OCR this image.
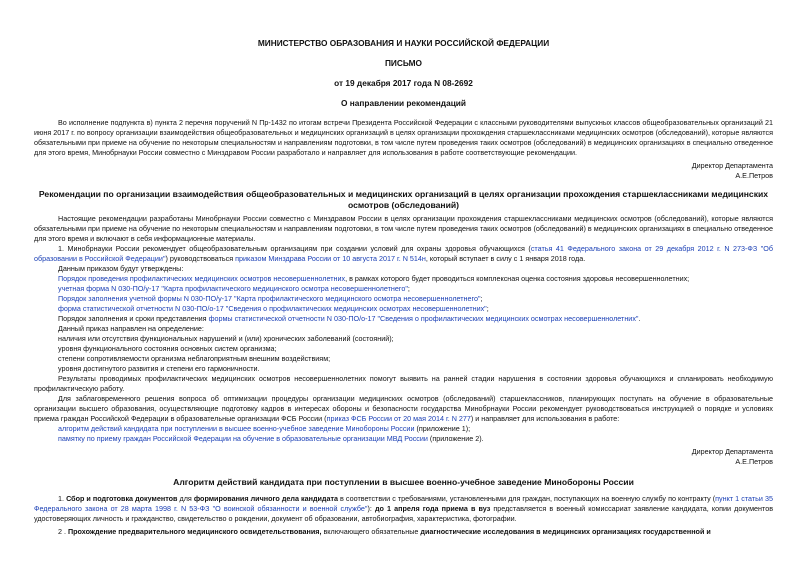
МИНИСТЕРСТВО ОБРАЗОВАНИЯ И НАУКИ РОССИЙСКОЙ ФЕДЕРАЦИИ
ПИСЬМО
от 19 декабря 2017 года N 08-2692
О направлении рекомендаций

Во исполнение подпункта в) пункта 2 перечня поручений N Пр-1432 по итогам встречи Президента Российской Федерации с классными руководителями выпускных классов общеобразовательных организаций 21 июня 2017 г. по вопросу организации взаимодействия общеобразовательных и медицинских организаций в целях организации прохождения старшеклассниками медицинских осмотров (обследований), которые являются обязательными при приеме на обучение по некоторым специальностям и направлениям подготовки, в том числе путем проведения таких осмотров (обследований) в медицинских организациях в специально отведенное для этого время, Минобрнауки России совместно с Минздравом России разработало и направляет для использования в работе соответствующие рекомендации.

Директор Департамента

А.Е.Петров

Рекомендации по организации взаимодействия общеобразовательных и медицинских организаций в целях организации прохождения старшеклассниками медицинских осмотров (обследований)

Настоящие рекомендации разработаны Минобрнауки России совместно с Минздравом России в целях организации прохождения старшеклассниками медицинских осмотров (обследований), которые являются обязательными при приеме на обучение по некоторым специальностям и направлениям подготовки, в том числе путем проведения таких осмотров (обследований) в медицинских организациях в специально отведенное для этого время и включают в себя информационные материалы.

1. Минобрнауки России рекомендует общеобразовательным организациям при создании условий для охраны здоровья обучающихся (статья 41 Федерального закона от 29 декабря 2012 г. N 273-ФЗ "Об образовании в Российской Федерации") руководствоваться приказом Минздрава России от 10 августа 2017 г. N 514н, который вступает в силу с 1 января 2018 года.

Данным приказом будут утверждены:

Порядок проведения профилактических медицинских осмотров несовершеннолетних, в рамках которого будет проводиться комплексная оценка состояния здоровья несовершеннолетних;

учетная форма N 030-ПО/у-17 "Карта профилактического медицинского осмотра несовершеннолетнего";

Порядок заполнения учетной формы N 030-ПО/у-17 "Карта профилактического медицинского осмотра несовершеннолетнего";

форма статистической отчетности N 030-ПО/о-17 "Сведения о профилактических медицинских осмотрах несовершеннолетних";

Порядок заполнения и сроки представления формы статистической отчетности N 030-ПО/о-17 "Сведения о профилактических медицинских осмотрах несовершеннолетних".

Данный приказ направлен на определение:

наличия или отсутствия функциональных нарушений и (или) хронических заболеваний (состояний);

уровня функционального состояния основных систем организма;

степени сопротивляемости организма неблагоприятным внешним воздействиям;

уровня достигнутого развития и степени его гармоничности.

Результаты проводимых профилактических медицинских осмотров несовершеннолетних помогут выявить на ранней стадии нарушения в состоянии здоровья обучающихся и спланировать необходимую профилактическую работу.

Для заблаговременного решения вопроса об оптимизации процедуры организации медицинских осмотров (обследований) старшеклассников, планирующих поступать на обучение в образовательные организации высшего образования, осуществляющие подготовку кадров в интересах обороны и безопасности государства Минобрнауки России рекомендует руководствоваться инструкцией о порядке и условиях приема граждан Российской Федерации в образовательные организации ФСБ России (приказ ФСБ России от 20 мая 2014 г. N 277) и направляет для использования в работе:

алгоритм действий кандидата при поступлении в высшее военно-учебное заведение Минобороны России (приложение 1);

памятку по приему граждан Российской Федерации на обучение в образовательные организации МВД России (приложение 2).

Директор Департамента

А.Е.Петров

Алгоритм действий кандидата при поступлении в высшее военно-учебное заведение Минобороны России

1. Сбор и подготовка документов для формирования личного дела кандидата в соответствии с требованиями, установленными для граждан, поступающих на военную службу по контракту (пункт 1 статьи 35 Федерального закона от 28 марта 1998 г. N 53-ФЗ "О воинской обязанности и военной службе"): до 1 апреля года приема в вуз представляется в военный комиссариат заявление кандидата, копии документов удостоверяющих личность и гражданство, свидетельство о рождении, документ об образовании, автобиография, характеристика, фотографии.

2 . Прохождение предварительного медицинского освидетельствования, включающего обязательные диагностические исследования в медицинских организациях государственной и
